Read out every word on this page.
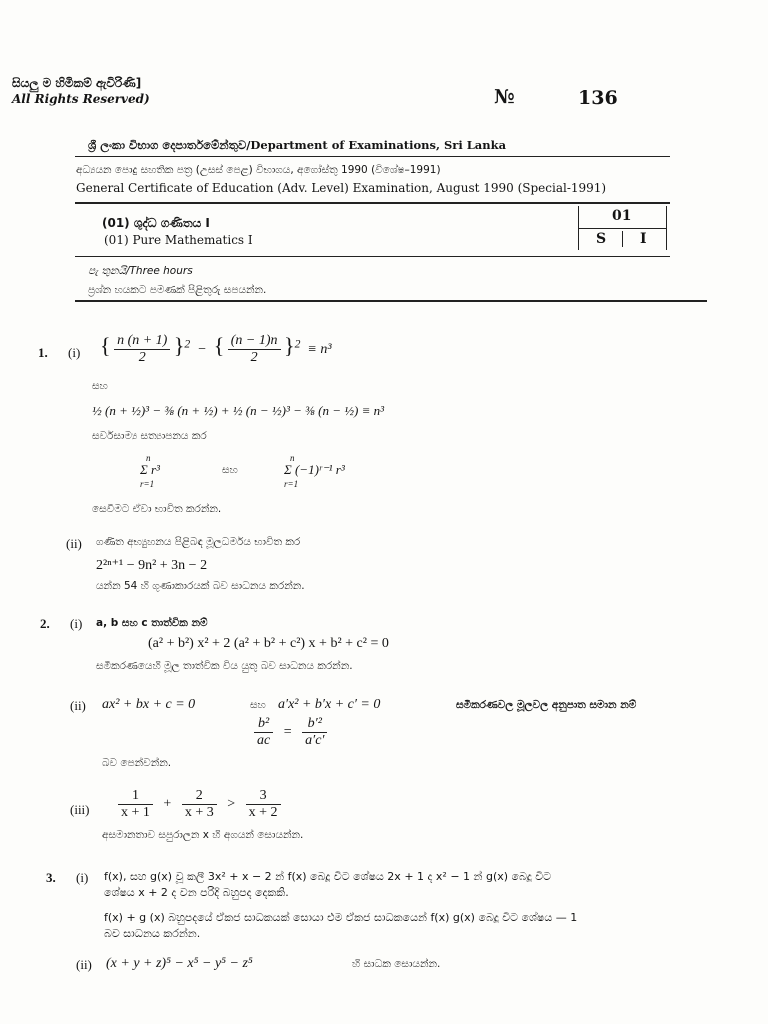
සියලු ම හිමිකම් ඇවිරිණි]
All Rights Reserved)	№	136
ශ්‍රී ලංකා විභාග දෙපාර්තමේන්තුව/Department of Examinations, Sri Lanka
අධ්‍යයන පොදු සහතික පත්‍ර (උසස් පෙළ) විභාගය, අගෝස්තු 1990 (විශේෂ–1991)
General Certificate of Education (Adv. Level) Examination, August 1990 (Special-1991)
(01) ශුද්ධ ගණිතය I
(01) Pure Mathematics I
01
S I
පැ තුනයි/Three hours
ප්‍රශ්න හයකට පමණක් පිළිතුරු සපයන්න.
1. (i) { $\frac{n (n + 1)}{2} \}^2$  −  { $\frac{(n - 1)n}{2} \}^2 \equiv n^3$
සහ
½ (n + ½)³ − ⅜ (n + ½) + ½ (n − ½)³ − ⅜ (n − ½) ≡ n³
සර්වසාම්‍ය සත්‍යාපනය කර
n
Σ r³
r=1
සහ
n
Σ (−1)ʳ⁻¹ r³
r=1
සෙවීමට ඒවා භාවිත කරන්න.
(ii) ගණිත අභ්‍යුහනය පිළිබඳ මූලධර්මය භාවිත කර
2²ⁿ⁺¹ − 9n² + 3n − 2
යන්න 54 හි ගුණාකාරයක් බව සාධනය කරන්න.
2. (i) a, b සහ c තාත්වික නම්
(a² + b²) x² + 2 (a² + b² + c²) x + b² + c² = 0
සමීකරණයෙහි මූල තාත්වික විය යුතු බව සාධනය කරන්න.
(ii) ax² + bx + c = 0	සහ a′x² + b′x + c′ = 0	සමීකරණවල මූලවල අනුපාත සමාන නම්
$\frac{\text{b²}}{ac} = \frac{\text{b′²}}{a'c'}$
බව පෙන්වන්න.
$(iii) \frac{1}{x + 1} + \frac{2}{x + 3} > \frac{3}{x + 2}$
අසමානතාව සපුරාලන x හි අගයන් සොයන්න.
3. (i) f(x), සහ g(x) වූ කලී 3x² + x − 2 න් f(x) බෙදූ විට ශේෂය 2x + 1 ද x² − 1 න් g(x) බෙදූ විට
ශේෂය x + 2 ද වන පරිදි බහුපද දෙකකි.
f(x) + g (x) බහුපදයේ ඒකජ සාධකයක් සොයා එම ඒකජ සාධකයෙන් f(x) g(x) බෙදූ විට ශේෂය — 1
බව සාධනය කරන්න.
(ii) (x + y + z)⁵ − x⁵ − y⁵ − z⁵	හි සාධක සොයන්න.
